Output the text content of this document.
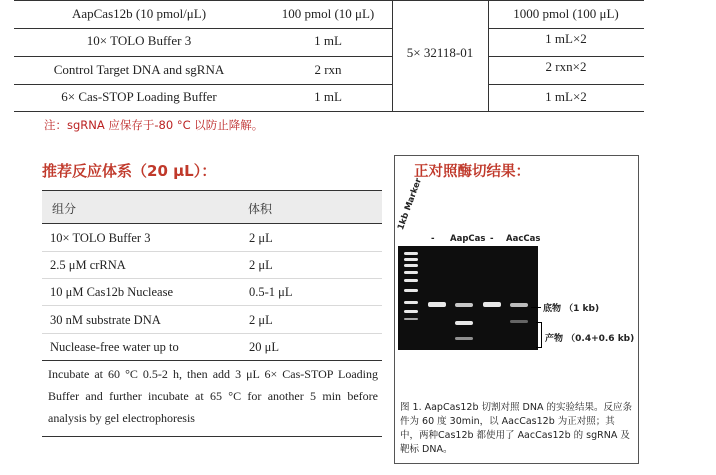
AapCas12b (10 pmol/μL)	100 pmol (10 μL)	1000 pmol (100 μL)
10× TOLO Buffer 3	1 mL	1 mL×2
Control Target DNA and sgRNA	2 rxn	2 rxn×2
6× Cas-STOP Loading Buffer	1 mL	1 mL×2
5× 32118-01
注：sgRNA 应保存于-80 °C 以防止降解。
推荐反应体系（20 μL）：
组分	体积
10× TOLO Buffer 3	2 μL
2.5 μM crRNA	2 μL
10 μM Cas12b Nuclease	0.5-1 μL
30 nM substrate DNA	2 μL
Nuclease-free water up to	20 μL
Incubate at 60 °C 0.5-2 h, then add 3 μL 6× Cas-STOP Loading Buffer and further incubate at 65 °C for another 5 min before analysis by gel electrophoresis
正对照酶切结果：
1kb Marker
- AapCas - AacCas
底物 （1 kb)
产物 （0.4+0.6 kb)
图 1. AapCas12b 切割对照 DNA 的实验结果。反应条件为 60 度 30min，以 AacCas12b 为正对照；其中，两种Cas12b 都使用了 AacCas12b 的 sgRNA 及靶标 DNA。
